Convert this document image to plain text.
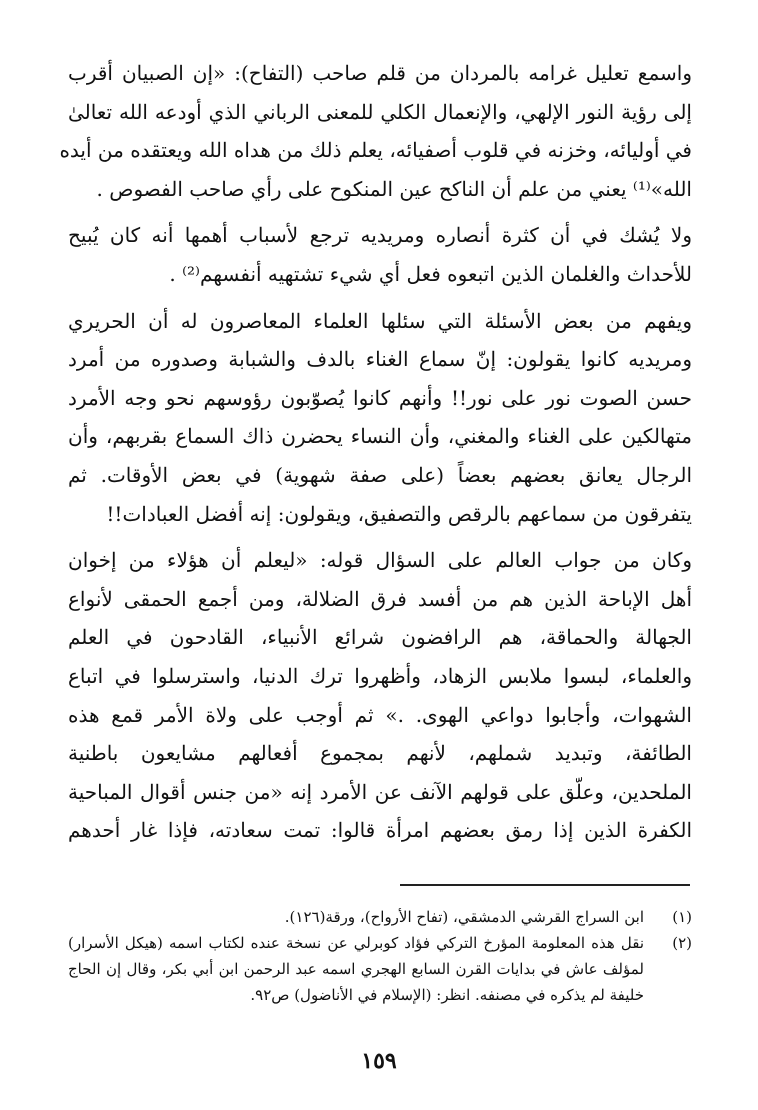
واسمع تعليل غرامه بالمردان من قلم صاحب (التفاح): «إن الصبيان أقرب
إلى رؤية النور الإلهي، والإنعمال الكلي للمعنى الرباني الذي أودعه الله تعالىٰ
في أوليائه، وخزنه في قلوب أصفيائه، يعلم ذلك من هداه الله ويعتقده من أيده
الله»⁽¹⁾ يعني من علم أن الناكح عين المنكوح على رأي صاحب الفصوص .

ولا يُشك في أن كثرة أنصاره ومريديه ترجع لأسباب أهمها أنه كان يُبيح
للأحداث والغلمان الذين اتبعوه فعل أي شيء تشتهيه أنفسهم⁽²⁾ .

ويفهم من بعض الأسئلة التي سئلها العلماء المعاصرون له أن الحريري
ومريديه كانوا يقولون: إنّ سماع الغناء بالدف والشبابة وصدوره من أمرد
حسن الصوت نور على نور!! وأنهم كانوا يُصوّبون رؤوسهم نحو وجه الأمرد
متهالكين على الغناء والمغني، وأن النساء يحضرن ذاك السماع بقربهم، وأن
الرجال يعانق بعضهم بعضاً (على صفة شهوية) في بعض الأوقات. ثم
يتفرقون من سماعهم بالرقص والتصفيق، ويقولون: إنه أفضل العبادات!!

وكان من جواب العالم على السؤال قوله: «ليعلم أن هؤلاء من إخوان
أهل الإباحة الذين هم من أفسد فرق الضلالة، ومن أجمع الحمقى لأنواع
الجهالة والحماقة، هم الرافضون شرائع الأنبياء، القادحون في العلم
والعلماء، لبسوا ملابس الزهاد، وأظهروا ترك الدنيا، واسترسلوا في اتباع
الشهوات، وأجابوا دواعي الهوى. .» ثم أوجب على ولاة الأمر قمع هذه
الطائفة، وتبديد شملهم، لأنهم بمجموع أفعالهم مشايعون باطنية
الملحدين، وعلّق على قولهم الآنف عن الأمرد إنه «من جنس أقوال المباحية
الكفرة الذين إذا رمق بعضهم امرأة قالوا: تمت سعادته، فإذا غار أحدهم

(١)
ابن السراج القرشي الدمشقي، (تفاح الأرواح)، ورقة(١٢٦).
(٢)
نقل هذه المعلومة المؤرخ التركي فؤاد كوبرلي عن نسخة عنده لكتاب اسمه (هيكل الأسرار)
لمؤلف عاش في بدايات القرن السابع الهجري اسمه عبد الرحمن ابن أبي بكر، وقال إن الحاج
خليفة لم يذكره في مصنفه. انظر: (الإسلام في الأناضول) ص٩٢.
١٥٩
